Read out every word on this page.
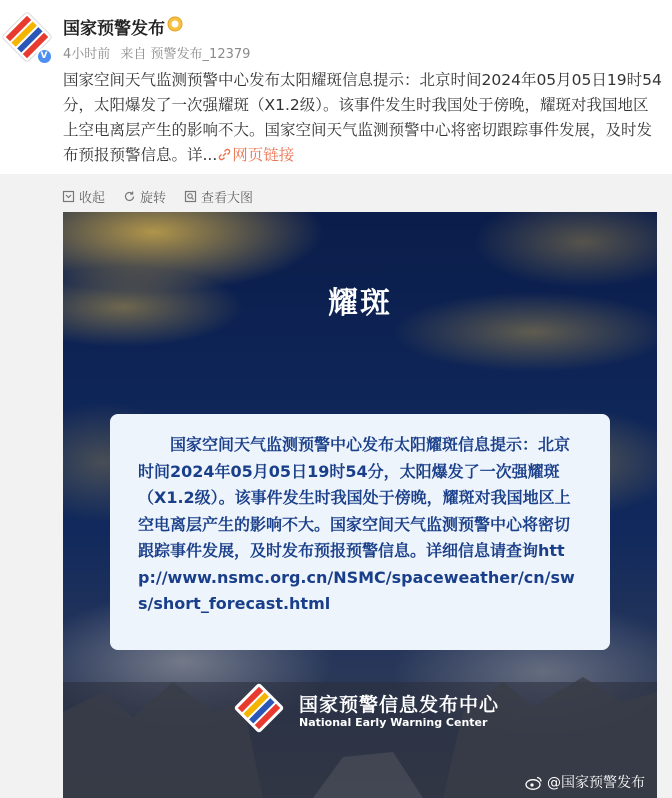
V
国家预警发布
4小时前 来自 预警发布_12379
国家空间天气监测预警中心发布太阳耀斑信息提示：北京时间2024年05月05日19时54分，太阳爆发了一次强耀斑（X1.2级）。该事件发生时我国处于傍晚，耀斑对我国地区上空电离层产生的影响不大。国家空间天气监测预警中心将密切跟踪事件发展，及时发布预报预警信息。详... 网页链接
收起	旋转	查看大图
耀斑
国家空间天气监测预警中心发布太阳耀斑信息提示：北京时间2024年05月05日19时54分，太阳爆发了一次强耀斑（X1.2级）。该事件发生时我国处于傍晚，耀斑对我国地区上空电离层产生的影响不大。国家空间天气监测预警中心将密切跟踪事件发展，及时发布预报预警信息。详细信息请查询http://www.nsmc.org.cn/NSMC/spaceweather/cn/sws/short_forecast.html
国家预警信息发布中心
National Early Warning Center
@国家预警发布
